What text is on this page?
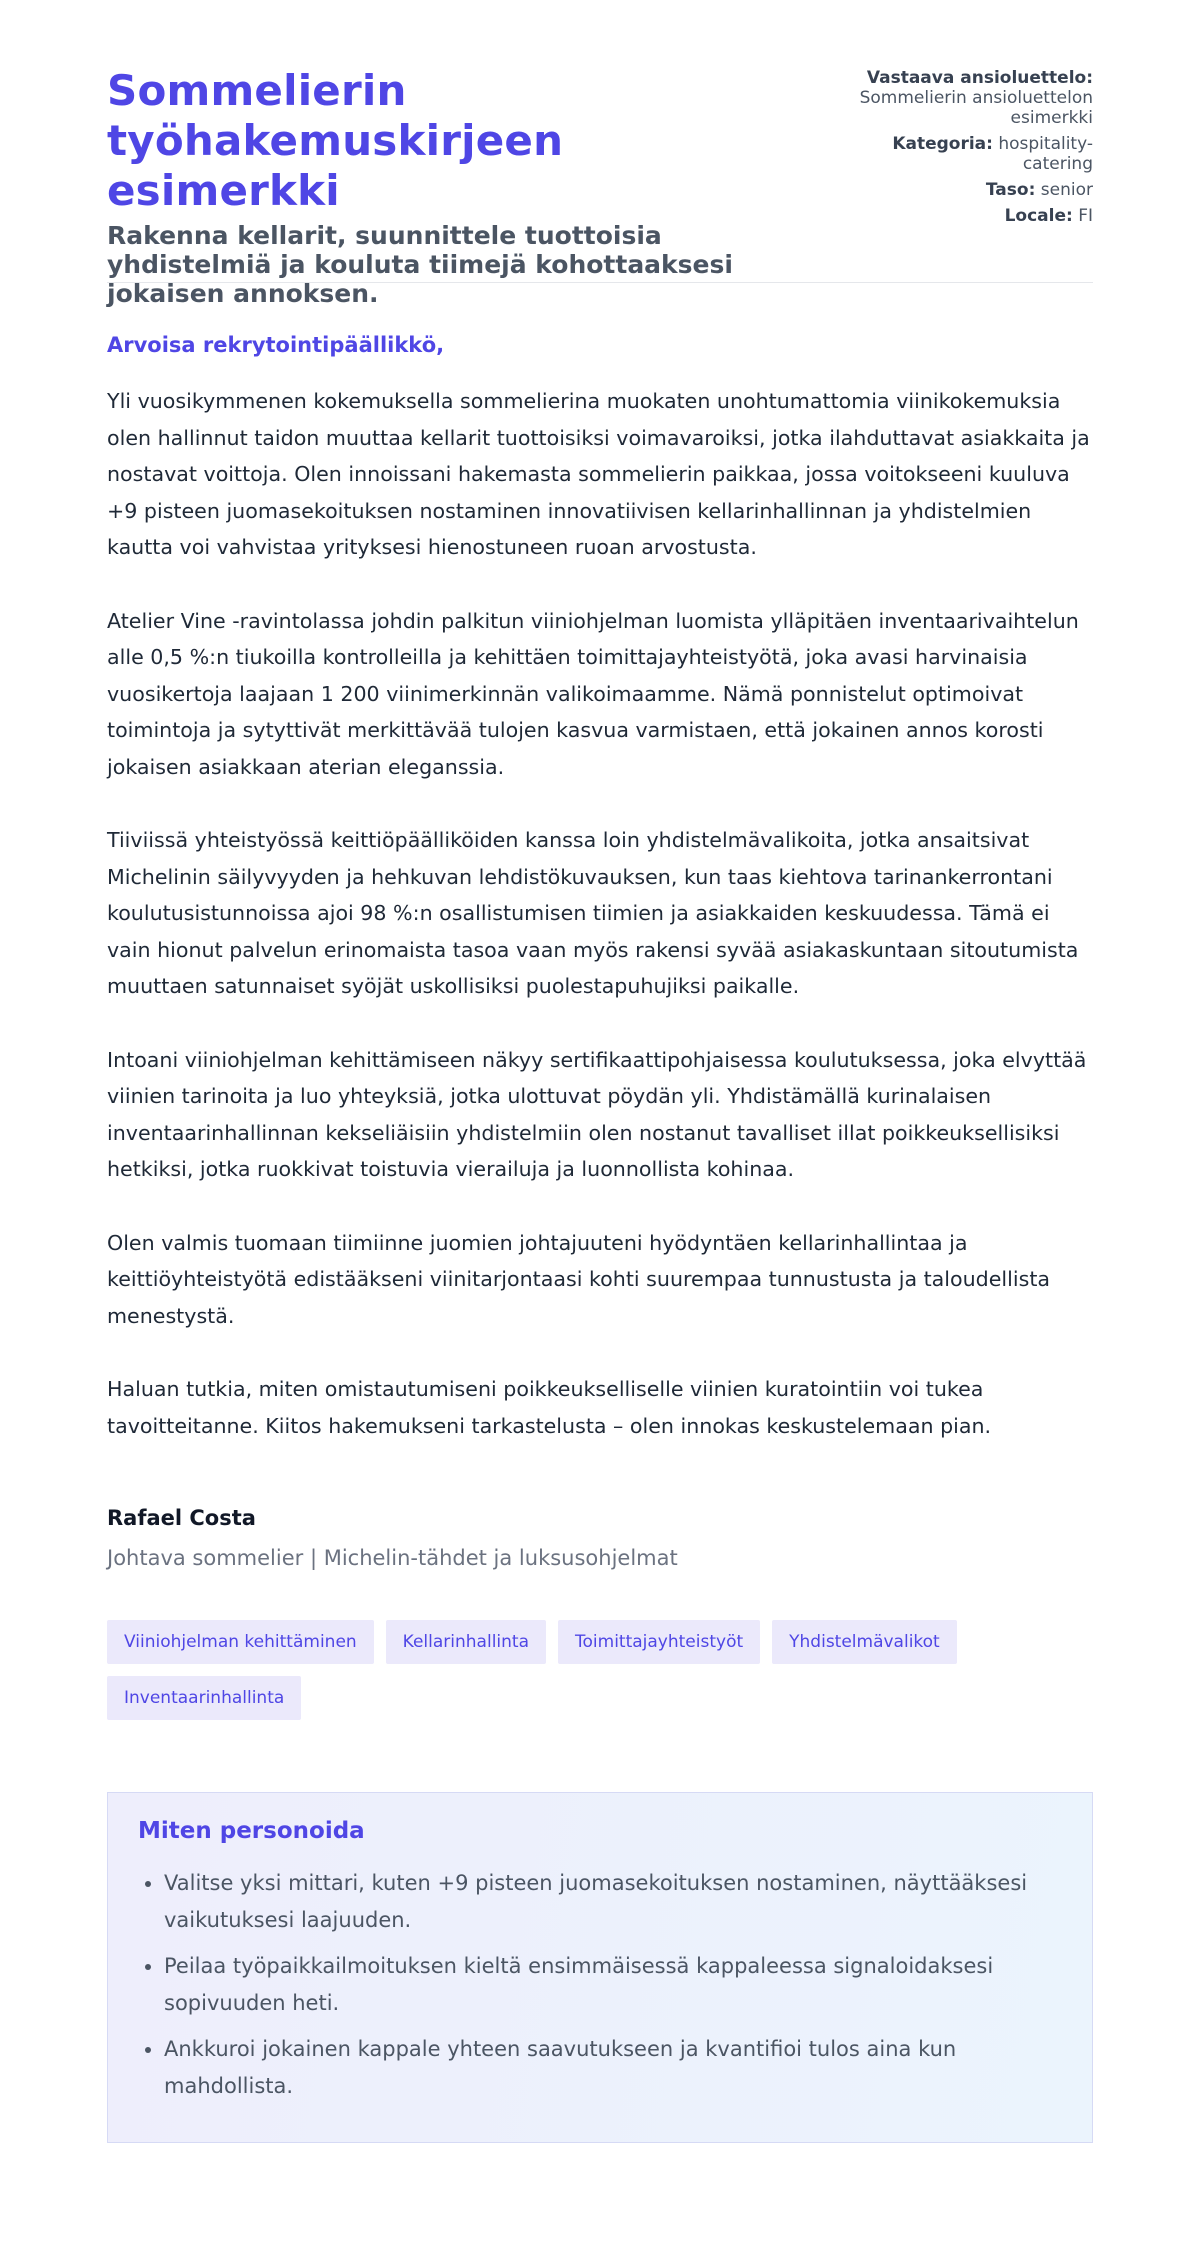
Sommelierin työhakemuskirjeen esimerkki
Rakenna kellarit, suunnittele tuottoisia yhdistelmiä ja kouluta tiimejä kohottaaksesi jokaisen annoksen.
Vastaava ansioluettelo: Sommelierin ansioluettelon esimerkki
Kategoria: hospitality-catering
Taso: senior
Locale: FI

Arvoisa rekrytointipäällikkö,

Yli vuosikymmenen kokemuksella sommelierina muokaten unohtumattomia viinikokemuksia olen hallinnut taidon muuttaa kellarit tuottoisiksi voimavaroiksi, jotka ilahduttavat asiakkaita ja nostavat voittoja. Olen innoissani hakemasta sommelierin paikkaa, jossa voitokseeni kuuluva +9 pisteen juomasekoituksen nostaminen innovatiivisen kellarinhallinnan ja yhdistelmien kautta voi vahvistaa yrityksesi hienostuneen ruoan arvostusta.

Atelier Vine -ravintolassa johdin palkitun viiniohjelman luomista ylläpitäen inventaarivaihtelun alle 0,5 %:n tiukoilla kontrolleilla ja kehittäen toimittajayhteistyötä, joka avasi harvinaisia vuosikertoja laajaan 1 200 viinimerkinnän valikoimaamme. Nämä ponnistelut optimoivat toimintoja ja sytyttivät merkittävää tulojen kasvua varmistaen, että jokainen annos korosti jokaisen asiakkaan aterian eleganssia.

Tiiviissä yhteistyössä keittiöpäälliköiden kanssa loin yhdistelmävalikoita, jotka ansaitsivat Michelinin säilyvyyden ja hehkuvan lehdistökuvauksen, kun taas kiehtova tarinankerrontani koulutusistunnoissa ajoi 98 %:n osallistumisen tiimien ja asiakkaiden keskuudessa. Tämä ei vain hionut palvelun erinomaista tasoa vaan myös rakensi syvää asiakaskuntaan sitoutumista muuttaen satunnaiset syöjät uskollisiksi puolestapuhujiksi paikalle.

Intoani viiniohjelman kehittämiseen näkyy sertifikaattipohjaisessa koulutuksessa, joka elvyttää viinien tarinoita ja luo yhteyksiä, jotka ulottuvat pöydän yli. Yhdistämällä kurinalaisen inventaarinhallinnan kekseliäisiin yhdistelmiin olen nostanut tavalliset illat poikkeuksellisiksi hetkiksi, jotka ruokkivat toistuvia vierailuja ja luonnollista kohinaa.

Olen valmis tuomaan tiimiinne juomien johtajuuteni hyödyntäen kellarinhallintaa ja keittiöyhteistyötä edistääkseni viinitarjontaasi kohti suurempaa tunnustusta ja taloudellista menestystä.

Haluan tutkia, miten omistautumiseni poikkeukselliselle viinien kuratointiin voi tukea tavoitteitanne. Kiitos hakemukseni tarkastelusta – olen innokas keskustelemaan pian.

Rafael Costa
Johtava sommelier | Michelin-tähdet ja luksusohjelmat
Viiniohjelman kehittäminen	Kellarinhallinta	Toimittajayhteistyöt	Yhdistelmävalikot
Inventaarinhallinta
Miten personoida
• Valitse yksi mittari, kuten +9 pisteen juomasekoituksen nostaminen, näyttääksesi vaikutuksesi laajuuden.
• Peilaa työpaikkailmoituksen kieltä ensimmäisessä kappaleessa signaloidaksesi sopivuuden heti.
• Ankkuroi jokainen kappale yhteen saavutukseen ja kvantifioi tulos aina kun mahdollista.
